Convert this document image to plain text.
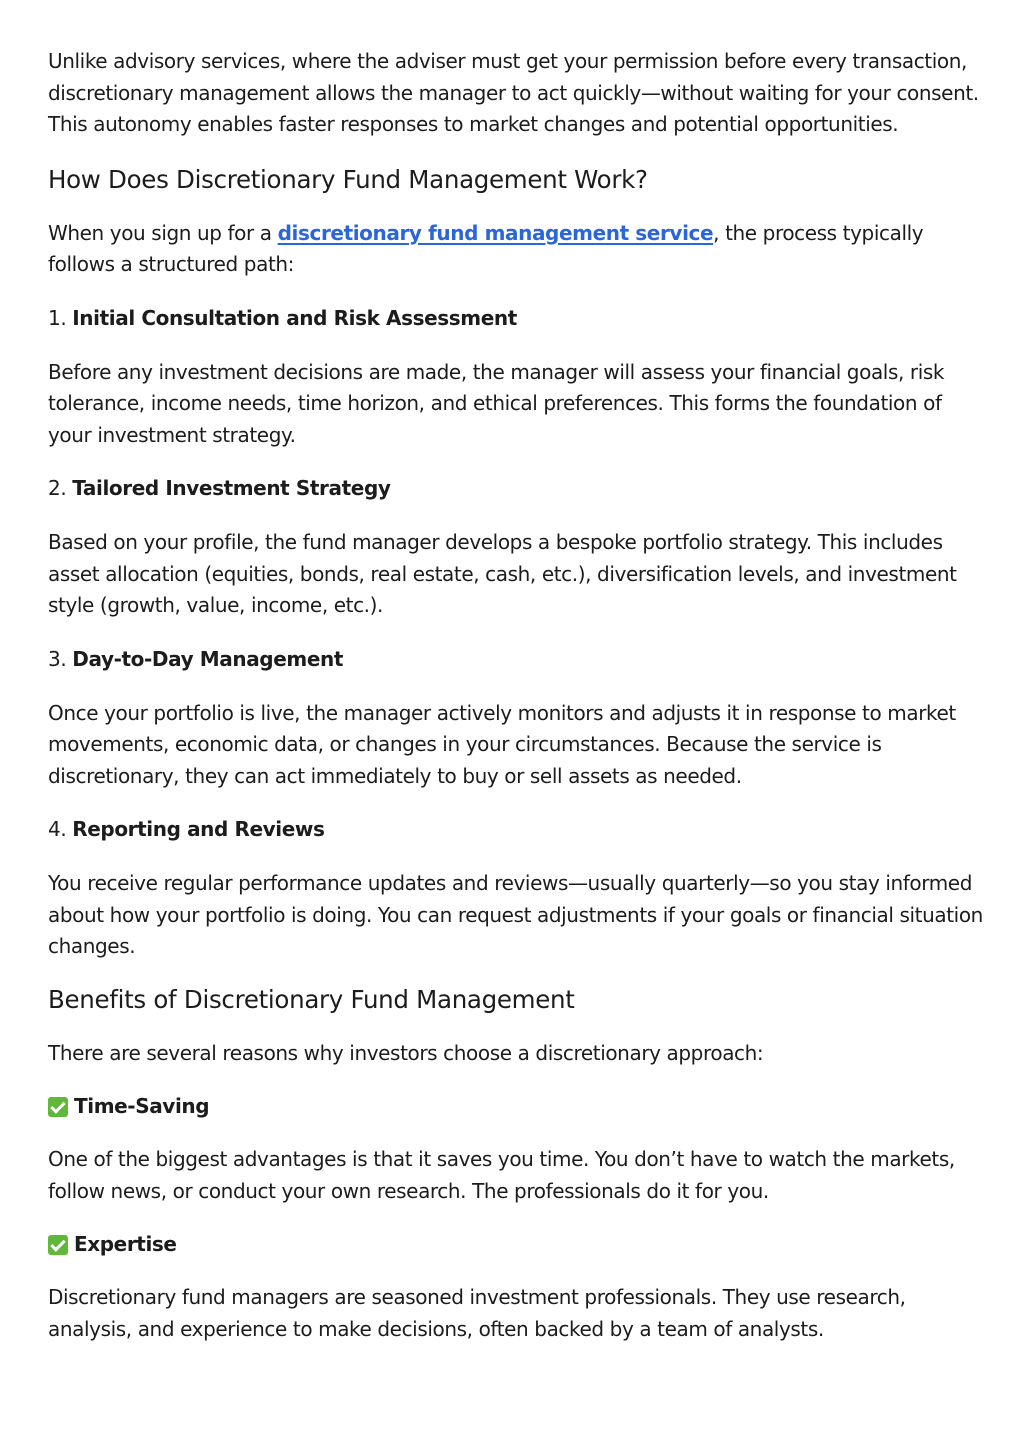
Unlike advisory services, where the adviser must get your permission before every transaction, discretionary management allows the manager to act quickly—without waiting for your consent. This autonomy enables faster responses to market changes and potential opportunities.

How Does Discretionary Fund Management Work?

When you sign up for a discretionary fund management service, the process typically follows a structured path:

1. Initial Consultation and Risk Assessment

Before any investment decisions are made, the manager will assess your financial goals, risk tolerance, income needs, time horizon, and ethical preferences. This forms the foundation of your investment strategy.

2. Tailored Investment Strategy

Based on your profile, the fund manager develops a bespoke portfolio strategy. This includes asset allocation (equities, bonds, real estate, cash, etc.), diversification levels, and investment style (growth, value, income, etc.).

3. Day-to-Day Management

Once your portfolio is live, the manager actively monitors and adjusts it in response to market movements, economic data, or changes in your circumstances. Because the service is discretionary, they can act immediately to buy or sell assets as needed.

4. Reporting and Reviews

You receive regular performance updates and reviews—usually quarterly—so you stay informed about how your portfolio is doing. You can request adjustments if your goals or financial situation changes.

Benefits of Discretionary Fund Management

There are several reasons why investors choose a discretionary approach:

Time-Saving

One of the biggest advantages is that it saves you time. You don’t have to watch the markets, follow news, or conduct your own research. The professionals do it for you.

Expertise

Discretionary fund managers are seasoned investment professionals. They use research, analysis, and experience to make decisions, often backed by a team of analysts.
